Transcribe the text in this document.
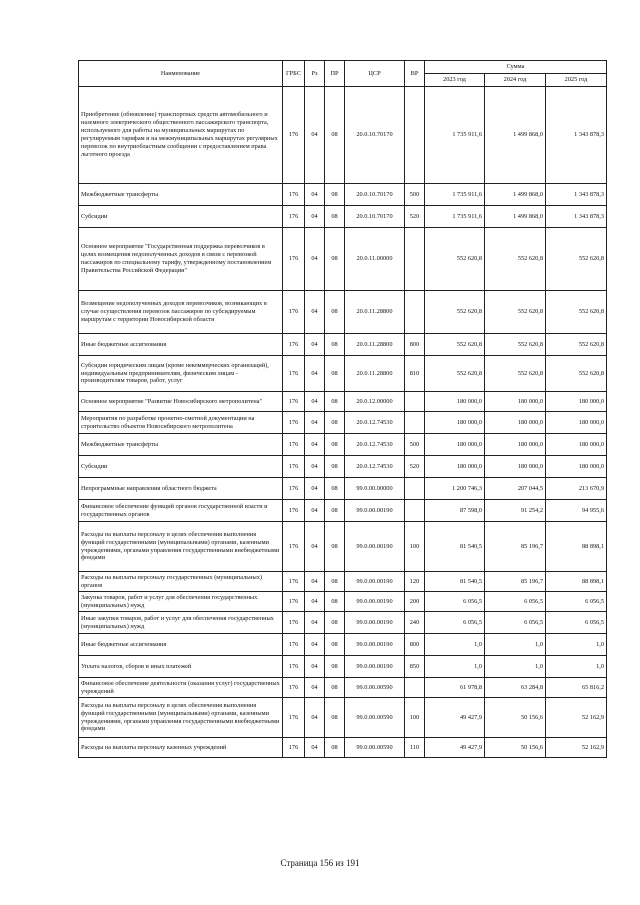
Наименование	ГРБС	Рз	ПР	ЦСР	ВР	Сумма		
						2023 год	2024 год	2025 год
Приобретение (обновление) транспортных средств автомобильного и наземного электрического общественного пассажирского транспорта, используемого для работы на муниципальных маршрутах по регулируемым тарифам и на межмуниципальных маршрутах регулярных перевозок по внутриобластным сообщении с предоставлением права льготного проезда	176	04	08	20.0.10.70170		1 735 911,6	1 499 868,0	1 343 878,3
Межбюджетные трансферты	176	04	08	20.0.10.70170	500	1 735 911,6	1 499 868,0	1 343 878,3
Субсидии	176	04	08	20.0.10.70170	520	1 735 911,6	1 499 868,0	1 343 878,3
Основное мероприятие "Государственная поддержка перевозчиков в целях возмещения недополученных доходов в связи с перевозкой пассажиров по специальному тарифу, утвержденному постановлением Правительства Российской Федерации"	176	04	08	20.0.11.00000		552 620,8	552 620,8	552 620,8
Возмещение недополученных доходов перевозчиков, возникающих в случае осуществления перевозок пассажиров по субсидируемым маршрутам с территории Новосибирской области	176	04	08	20.0.11.28800		552 620,8	552 620,8	552 620,8
Иные бюджетные ассигнования	176	04	08	20.0.11.28800	800	552 620,8	552 620,8	552 620,8
Субсидии юридическим лицам (кроме некоммерческих организаций), индивидуальным предпринимателям, физическим лицам - производителям товаров, работ, услуг	176	04	08	20.0.11.28800	810	552 620,8	552 620,8	552 620,8
Основное мероприятие "Развитие Новосибирского метрополитена"	176	04	08	20.0.12.00000		180 000,0	180 000,0	180 000,0
Мероприятия по разработке проектно-сметной документации на строительство объектов Новосибирского метрополитена	176	04	08	20.0.12.74530		180 000,0	180 000,0	180 000,0
Межбюджетные трансферты	176	04	08	20.0.12.74530	500	180 000,0	180 000,0	180 000,0
Субсидии	176	04	08	20.0.12.74530	520	180 000,0	180 000,0	180 000,0
Непрограммные направления областного бюджета	176	04	08	99.0.00.00000		1 200 746,3	207 044,5	213 670,9
Финансовое обеспечение функций органов государственной власти и государственных органов	176	04	08	99.0.00.00190		87 598,0	91 254,2	94 955,6
Расходы на выплаты персоналу в целях обеспечения выполнения функций государственными (муниципальными) органами, казенными учреждениями, органами управления государственными внебюджетными фондами	176	04	08	99.0.00.00190	100	81 540,5	85 196,7	88 898,1
Расходы на выплаты персоналу государственных (муниципальных) органов	176	04	08	99.0.00.00190	120	81 540,5	85 196,7	88 898,1
Закупка товаров, работ и услуг для обеспечения государственных (муниципальных) нужд	176	04	08	99.0.00.00190	200	6 056,5	6 056,5	6 056,5
Иные закупки товаров, работ и услуг для обеспечения государственных (муниципальных) нужд	176	04	08	99.0.00.00190	240	6 056,5	6 056,5	6 056,5
Иные бюджетные ассигнования	176	04	08	99.0.00.00190	800	1,0	1,0	1,0
Уплата налогов, сборов и иных платежей	176	04	08	99.0.00.00190	850	1,0	1,0	1,0
Финансовое обеспечение деятельности (оказания услуг) государственных учреждений	176	04	08	99.0.00.00590		61 978,8	63 284,8	65 816,2
Расходы на выплаты персоналу в целях обеспечения выполнения функций государственными (муниципальными) органами, казенными учреждениями, органами управления государственными внебюджетными фондами	176	04	08	99.0.00.00590	100	49 427,9	50 156,6	52 162,9
Расходы на выплаты персоналу казенных учреждений	176	04	08	99.0.00.00590	110	49 427,9	50 156,6	52 162,9
Страница 156 из 191
